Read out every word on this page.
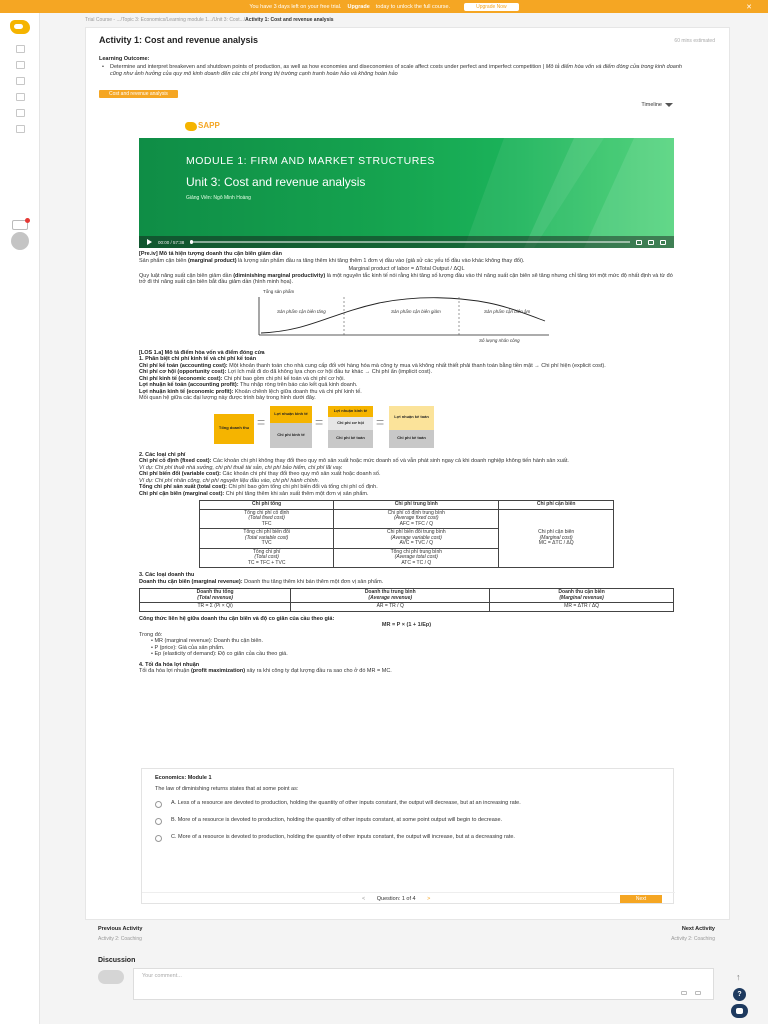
You have 3 days left on your free trial. Upgrade today to unlock the full course.	Upgrade Now	✕
Trial Course - .../Topic 3: Economics/Learning module 1.../Unit 3: Cost.../Activity 1: Cost and revenue analysis
Activity 1: Cost and revenue analysis	60 mins estimated
Learning Outcome:
• Determine and interpret breakeven and shutdown points of production, as well as how economies and diseconomies of scale affect costs under perfect and imperfect competition | Mô tả điểm hòa vốn và điểm đóng cửa trong kinh doanh cũng như ảnh hưởng của quy mô kinh doanh đến các chi phí trong thị trường cạnh tranh hoàn hảo và không hoàn hảo
Cost and revenue analysis
Timeline
SAPP
MODULE 1: FIRM AND MARKET STRUCTURES
Unit 3: Cost and revenue analysis
Giảng Viên: Ngô Minh Hoàng
00:00 / 57:38

[Pre.iv] Mô tả hiện tượng doanh thu cận biên giảm dần

Sản phẩm cận biên (marginal product) là lượng sản phẩm đầu ra tăng thêm khi tăng thêm 1 đơn vị đầu vào (giả sử các yếu tố đầu vào khác không thay đổi).

Marginal product of labor = ΔTotal Output / ΔQL

Quy luật năng suất cận biên giảm dần (diminishing marginal productivity) là một nguyên tắc kinh tế nói rằng khi tăng số lượng đầu vào thì năng suất cận biên sẽ tăng nhưng chỉ tăng tới một mức độ nhất định và từ đó trở đi thì năng suất cận biên bắt đầu giảm dần (hình minh họa).

Tổng sản phẩm
Sản phẩm cận biên tăng	Sản phẩm cận biên giảm	Sản phẩm cận biên âm
Số lượng nhân công

[LOS 1.a] Mô tả điểm hòa vốn và điểm đóng cửa

1. Phân biệt chi phí kinh tế và chi phí kế toán

Chi phí kế toán (accounting cost): Một khoản thanh toán cho nhà cung cấp đối với hàng hóa mà công ty mua và không nhất thiết phải thanh toán bằng tiền mặt → Chi phí hiện (explicit cost).

Chi phí cơ hội (opportunity cost): Lợi ích mất đi do đã không lựa chọn cơ hội đầu tư khác → Chi phí ẩn (implicit cost).

Chi phí kinh tế (economic cost): Chi phí bao gồm chi phí kế toán và chi phí cơ hội.

Lợi nhuận kế toán (accounting profit): Thu nhập ròng trên báo cáo kết quả kinh doanh.

Lợi nhuận kinh tế (economic profit): Khoản chênh lệch giữa doanh thu và chi phí kinh tế.

Mối quan hệ giữa các đại lượng này được trình bày trong hình dưới đây.

Tổng doanh thu =
Lợi nhuận kinh tế
Chi phí kinh tế
=
Lợi nhuận kinh tế
Chi phí cơ hội
Chi phí kế toán
=	Lợi nhuận kế toán
Chi phí kế toán

2. Các loại chi phí

Chi phí cố định (fixed cost): Các khoản chi phí không thay đổi theo quy mô sản xuất hoặc mức doanh số và vẫn phát sinh ngay cả khi doanh nghiệp không tiến hành sản xuất.

Ví dụ: Chi phí thuê nhà xưởng, chi phí thuế tài sản, chi phí bảo hiểm, chi phí lãi vay.

Chi phí biến đổi (variable cost): Các khoản chi phí thay đổi theo quy mô sản xuất hoặc doanh số.

Ví dụ: Chi phí nhân công, chi phí nguyên liệu đầu vào, chi phí hành chính.

Tổng chi phí sản xuất (total cost): Chi phí bao gồm tổng chi phí biến đổi và tổng chi phí cố định.

Chi phí cận biên (marginal cost): Chi phí tăng thêm khi sản xuất thêm một đơn vị sản phẩm.

Chi phí tổng	Chi phí trung bình	Chi phí cận biên
Tổng chi phí cố định
(Total fixed cost)
TFC	Chi phí cố định trung bình
(Average fixed cost)
AFC = TFC / Q	Chi phí cận biên
(Marginal cost)
MC = ΔTC / ΔQ
Tổng chi phí biến đổi
(Total variable cost)
TVC	Chi phí biến đổi trung bình
(Average variable cost)
AVC = TVC / Q	
Tổng chi phí
(Total cost)
TC = TFC + TVC	Tổng chi phí trung bình
(Average total cost)
ATC = TC / Q	

3. Các loại doanh thu

Doanh thu cận biên (marginal revenue): Doanh thu tăng thêm khi bán thêm một đơn vị sản phẩm.

Doanh thu tổng
(Total revenue)	Doanh thu trung bình
(Average revenue)	Doanh thu cận biên
(Marginal revenue)
TR = Σ (Pi × Qi)	AR = TR / Q	MR = ΔTR / ΔQ

Công thức liên hệ giữa doanh thu cận biên và độ co giãn của cầu theo giá:

MR = P × (1 + 1/Ep)

Trong đó:

• MR (marginal revenue): Doanh thu cận biên.
• P (price): Giá của sản phẩm.
• Ep (elasticity of demand): Độ co giãn của cầu theo giá.

4. Tối đa hóa lợi nhuận

Tối đa hóa lợi nhuận (profit maximization) xảy ra khi công ty đạt lượng đầu ra sao cho ở đó MR = MC.

Economics: Module 1
The law of diminishing returns states that at some point as:
A. Less of a resource are devoted to production, holding the quantity of other inputs constant, the output will decrease, but at an increasing rate.
B. More of a resource is devoted to production, holding the quantity of other inputs constant, at some point output will begin to decrease.
C. More of a resource is devoted to production, holding the quantity of other inputs constant, the output will increase, but at a decreasing rate.
< Question: 1 of 4 >	Next
Previous Activity
Activity 2: Coaching
Next Activity
Activity 2: Coaching
Discussion
Your comment...	↑
?
